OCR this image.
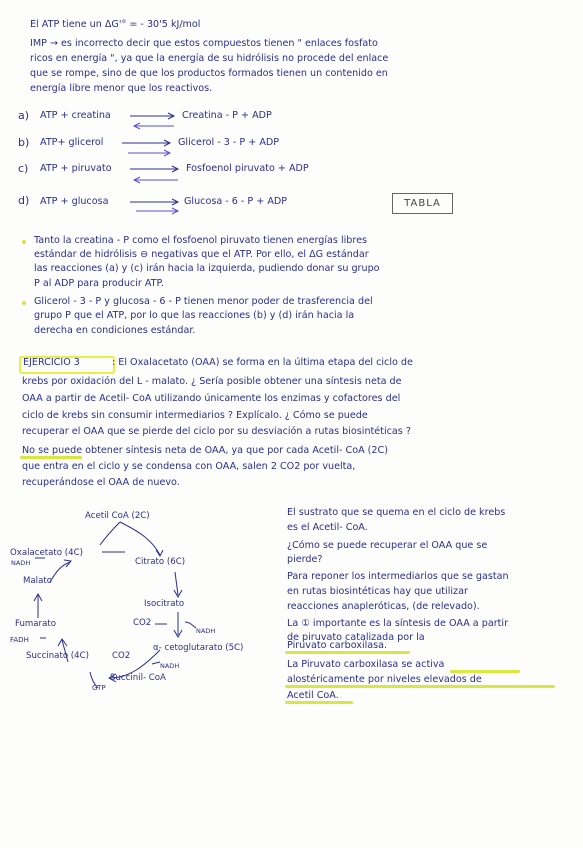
El ATP tiene un ΔG'° = - 30'5 kJ/mol
IMP → es incorrecto decir que estos compuestos tienen " enlaces fosfato
ricos en energía ", ya que la energía de su hidrólisis no procede del enlace
que se rompe, sino de que los productos formados tienen un contenido en
energía libre menor que los reactivos.
a) ATP + creatina ⇌ Creatina - P + ADP
b) ATP+ glicerol	Glicerol - 3 - P + ADP
c) ATP + piruvato ⇌ Fosfoenol piruvato + ADP
d) ATP + glucosa	Glucosa - 6 - P + ADP	TABLA
Tanto la creatina - P como el fosfoenol piruvato tienen energías libres
estándar de hidrólisis ⊖ negativas que el ATP. Por ello, el ΔG estándar
las reacciones (a) y (c) irán hacia la izquierda, pudiendo donar su grupo
P al ADP para producir ATP.
Glicerol - 3 - P y glucosa - 6 - P tienen menor poder de trasferencia del
grupo P que el ATP, por lo que las reacciones (b) y (d) irán hacia la
derecha en condiciones estándar.
EJERCICIO 3	: El Oxalacetato (OAA) se forma en la última etapa del ciclo de
krebs por oxidación del L - malato. ¿ Sería posible obtener una síntesis neta de
OAA a partir de Acetil- CoA utilizando únicamente los enzimas y cofactores del
ciclo de krebs sin consumir intermediarios ? Explícalo. ¿ Cómo se puede
recuperar el OAA que se pierde del ciclo por su desviación a rutas biosintéticas ?
No se puede obtener síntesis neta de OAA, ya que por cada Acetil- CoA (2C)
que entra en el ciclo y se condensa con OAA, salen 2 CO2 por vuelta,
recuperándose el OAA de nuevo.
Acetil CoA (2C)
Oxalacetato (4C)
Citrato (6C)
NADH
Malato
Isocitrato
CO2
NADH
Fumarato
FADH
α- cetoglutarato (5C)
Succinato (4C)	CO2
NADH
Succinil- CoA
GTP
El sustrato que se quema en el ciclo de krebs
es el Acetil- CoA.
¿Cómo se puede recuperar el OAA que se
pierde?
Para reponer los intermediarios que se gastan
en rutas biosintéticas hay que utilizar
reacciones anapleróticas, (de relevado).
La ① importante es la síntesis de OAA a partir
de piruvato catalizada por la
Piruvato carboxilasa.
La Piruvato carboxilasa se activa
alostéricamente por niveles elevados de
Acetil CoA.
